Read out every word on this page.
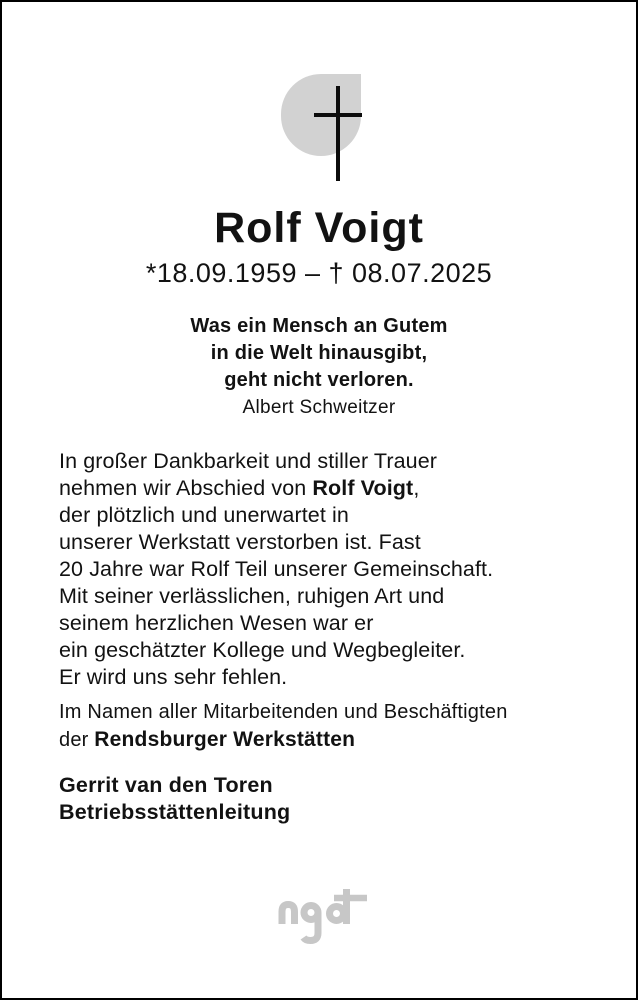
Rolf Voigt
*18.09.1959 – † 08.07.2025
Was ein Mensch an Gutem
in die Welt hinausgibt,
geht nicht verloren.
Albert Schweitzer
In großer Dankbarkeit und stiller Trauer
nehmen wir Abschied von Rolf Voigt,
der plötzlich und unerwartet in
unserer Werkstatt verstorben ist. Fast
20 Jahre war Rolf Teil unserer Gemeinschaft.
Mit seiner verlässlichen, ruhigen Art und
seinem herzlichen Wesen war er
ein geschätzter Kollege und Wegbegleiter.
Er wird uns sehr fehlen.
Im Namen aller Mitarbeitenden und Beschäftigten
der Rendsburger Werkstätten
Gerrit van den Toren
Betriebsstättenleitung
